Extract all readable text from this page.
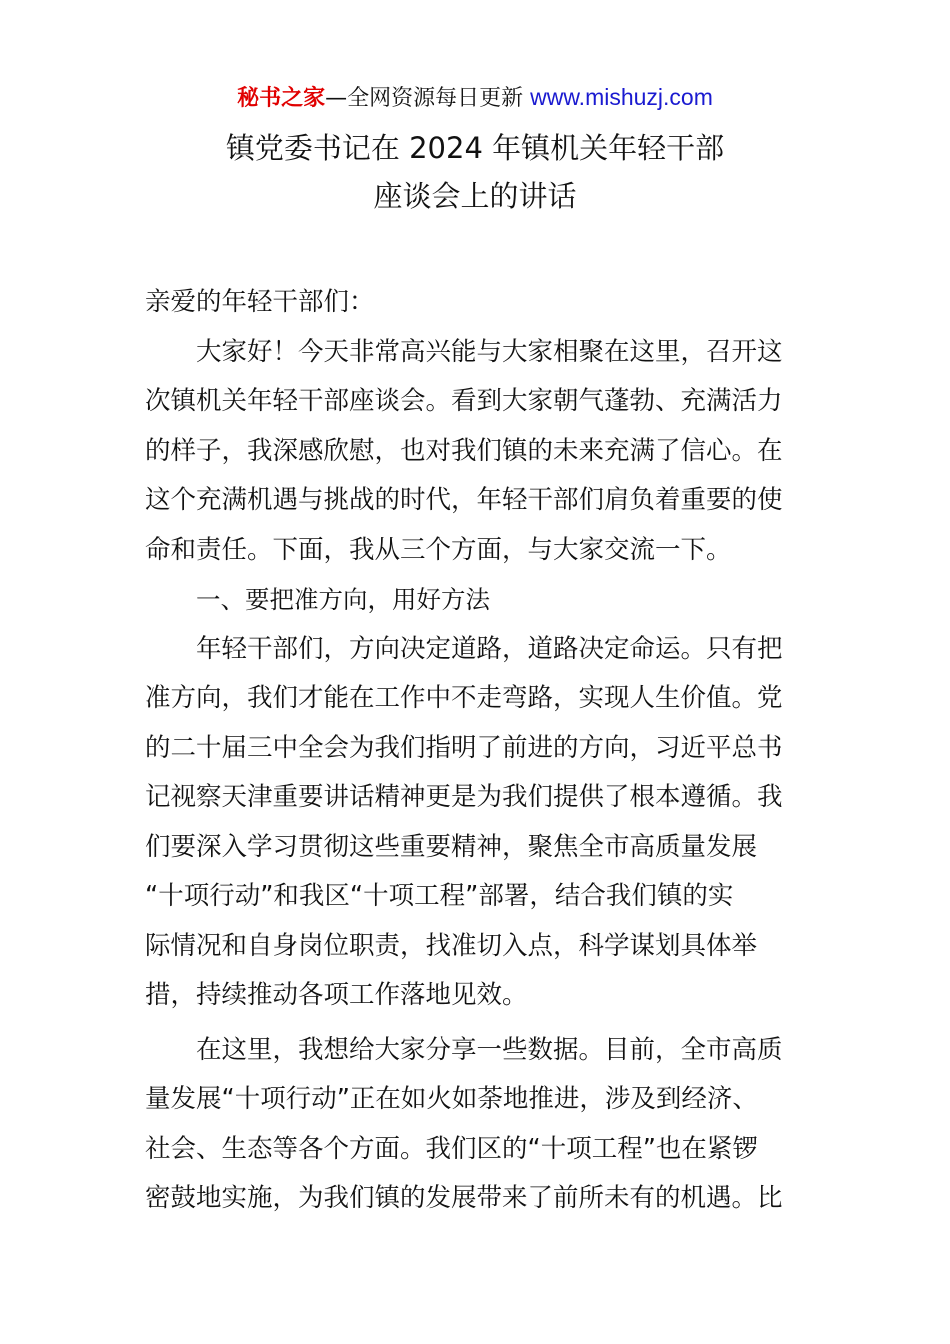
秘书之家—全网资源每日更新 www.mishuzj.com
镇党委书记在 2024 年镇机关年轻干部
座谈会上的讲话
亲爱的年轻干部们：
大家好！今天非常高兴能与大家相聚在这里，召开这
次镇机关年轻干部座谈会。看到大家朝气蓬勃、充满活力
的样子，我深感欣慰，也对我们镇的未来充满了信心。在
这个充满机遇与挑战的时代，年轻干部们肩负着重要的使
命和责任。下面，我从三个方面，与大家交流一下。
一、要把准方向，用好方法
年轻干部们，方向决定道路，道路决定命运。只有把
准方向，我们才能在工作中不走弯路，实现人生价值。党
的二十届三中全会为我们指明了前进的方向，习近平总书
记视察天津重要讲话精神更是为我们提供了根本遵循。我
们要深入学习贯彻这些重要精神，聚焦全市高质量发展
“十项行动”和我区“十项工程”部署，结合我们镇的实
际情况和自身岗位职责，找准切入点，科学谋划具体举
措，持续推动各项工作落地见效。
在这里，我想给大家分享一些数据。目前，全市高质
量发展“十项行动”正在如火如荼地推进，涉及到经济、
社会、生态等各个方面。我们区的“十项工程”也在紧锣
密鼓地实施，为我们镇的发展带来了前所未有的机遇。比
